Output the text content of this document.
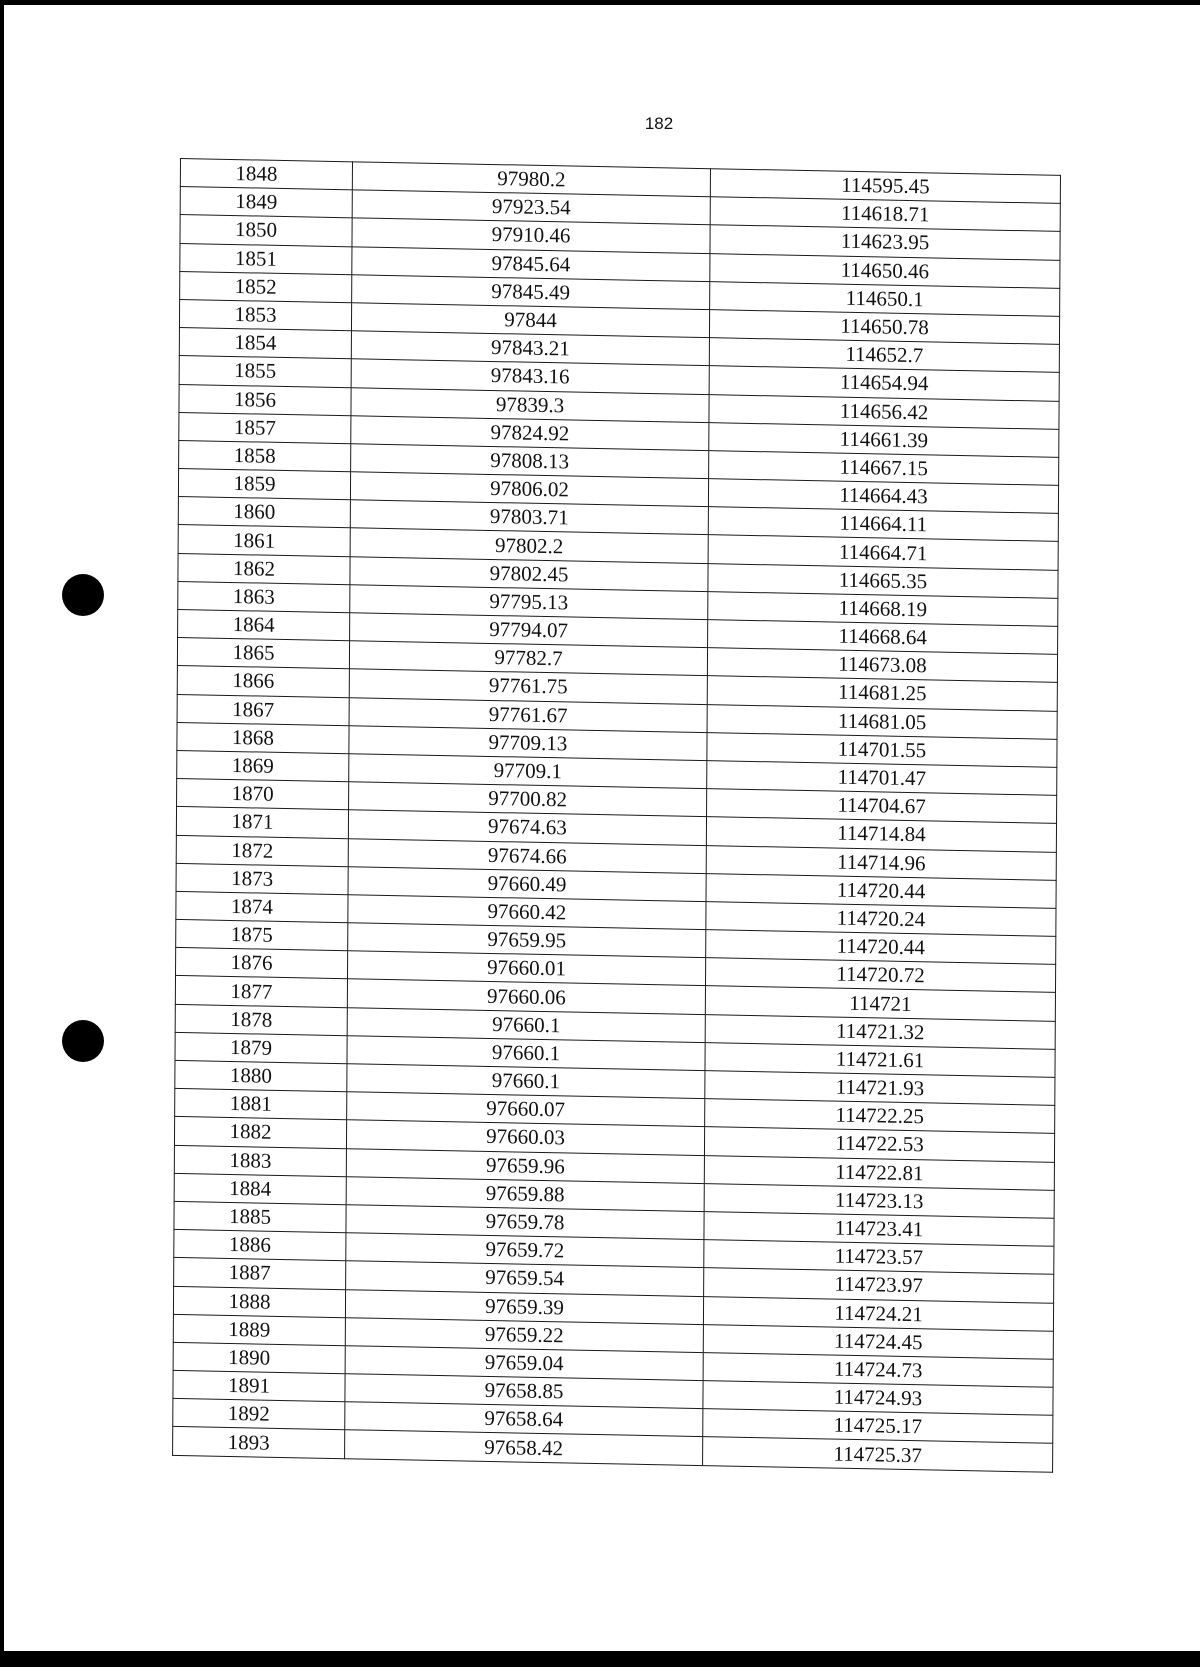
182
1848	97980.2	114595.45
1849	97923.54	114618.71
1850	97910.46	114623.95
1851	97845.64	114650.46
1852	97845.49	114650.1
1853	97844	114650.78
1854	97843.21	114652.7
1855	97843.16	114654.94
1856	97839.3	114656.42
1857	97824.92	114661.39
1858	97808.13	114667.15
1859	97806.02	114664.43
1860	97803.71	114664.11
1861	97802.2	114664.71
1862	97802.45	114665.35
1863	97795.13	114668.19
1864	97794.07	114668.64
1865	97782.7	114673.08
1866	97761.75	114681.25
1867	97761.67	114681.05
1868	97709.13	114701.55
1869	97709.1	114701.47
1870	97700.82	114704.67
1871	97674.63	114714.84
1872	97674.66	114714.96
1873	97660.49	114720.44
1874	97660.42	114720.24
1875	97659.95	114720.44
1876	97660.01	114720.72
1877	97660.06	114721
1878	97660.1	114721.32
1879	97660.1	114721.61
1880	97660.1	114721.93
1881	97660.07	114722.25
1882	97660.03	114722.53
1883	97659.96	114722.81
1884	97659.88	114723.13
1885	97659.78	114723.41
1886	97659.72	114723.57
1887	97659.54	114723.97
1888	97659.39	114724.21
1889	97659.22	114724.45
1890	97659.04	114724.73
1891	97658.85	114724.93
1892	97658.64	114725.17
1893	97658.42	114725.37
